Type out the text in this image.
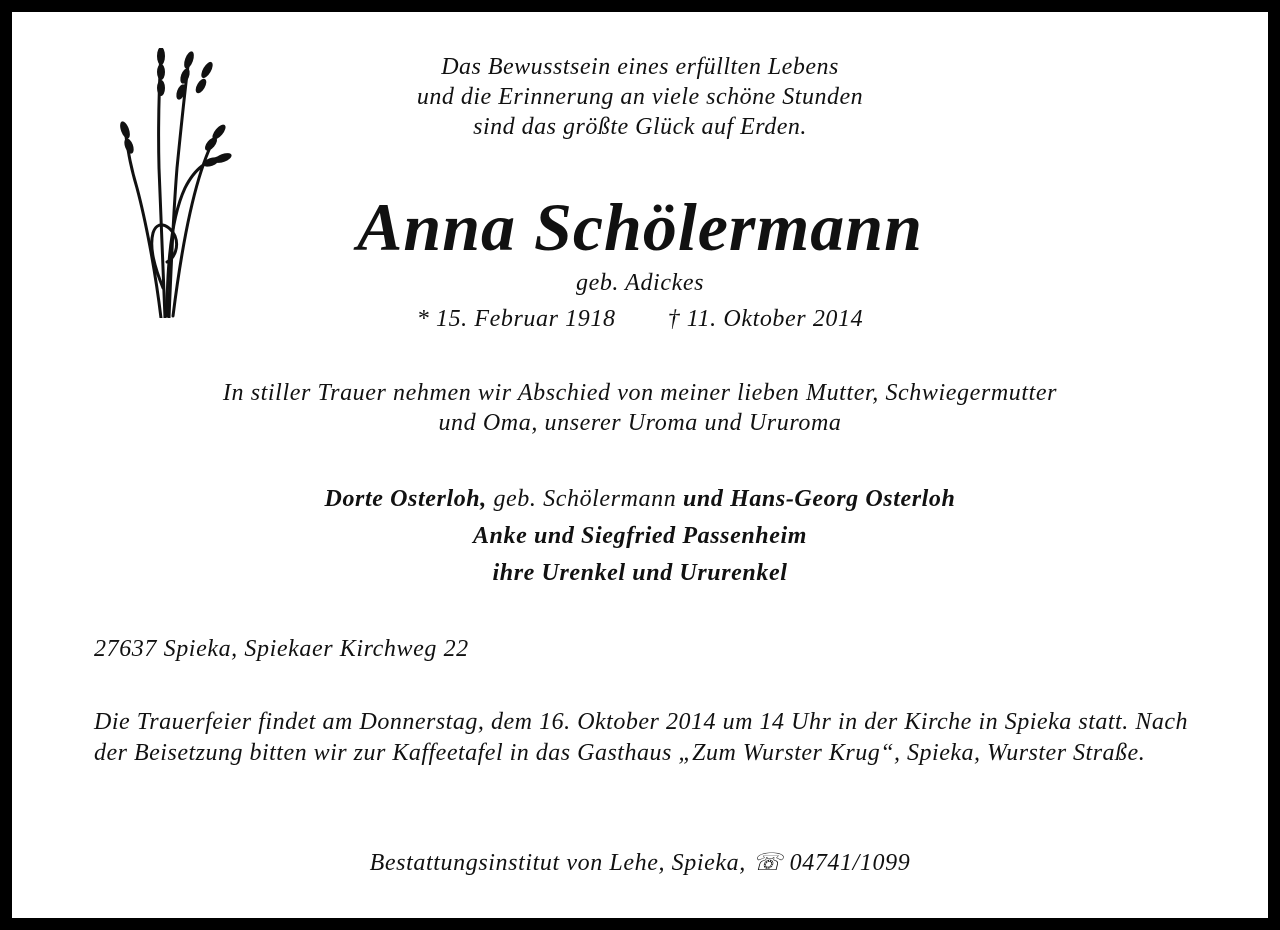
Das Bewusstsein eines erfüllten Lebens
und die Erinnerung an viele schöne Stunden
sind das größte Glück auf Erden.
Anna Schölermann
geb. Adickes
* 15. Februar 1918 † 11. Oktober 2014
In stiller Trauer nehmen wir Abschied von meiner lieben Mutter, Schwiegermutter
und Oma, unserer Uroma und Ururoma
Dorte Osterloh, geb. Schölermann und Hans-Georg Osterloh
Anke und Siegfried Passenheim
ihre Urenkel und Ururenkel
27637 Spieka, Spiekaer Kirchweg 22
Die Trauerfeier findet am Donnerstag, dem 16. Oktober 2014 um 14 Uhr in der Kirche in Spieka statt. Nach der Beisetzung bitten wir zur Kaffeetafel in das Gasthaus „Zum Wurster Krug“, Spieka, Wurster Straße.
Bestattungsinstitut von Lehe, Spieka, ☏ 04741/1099
